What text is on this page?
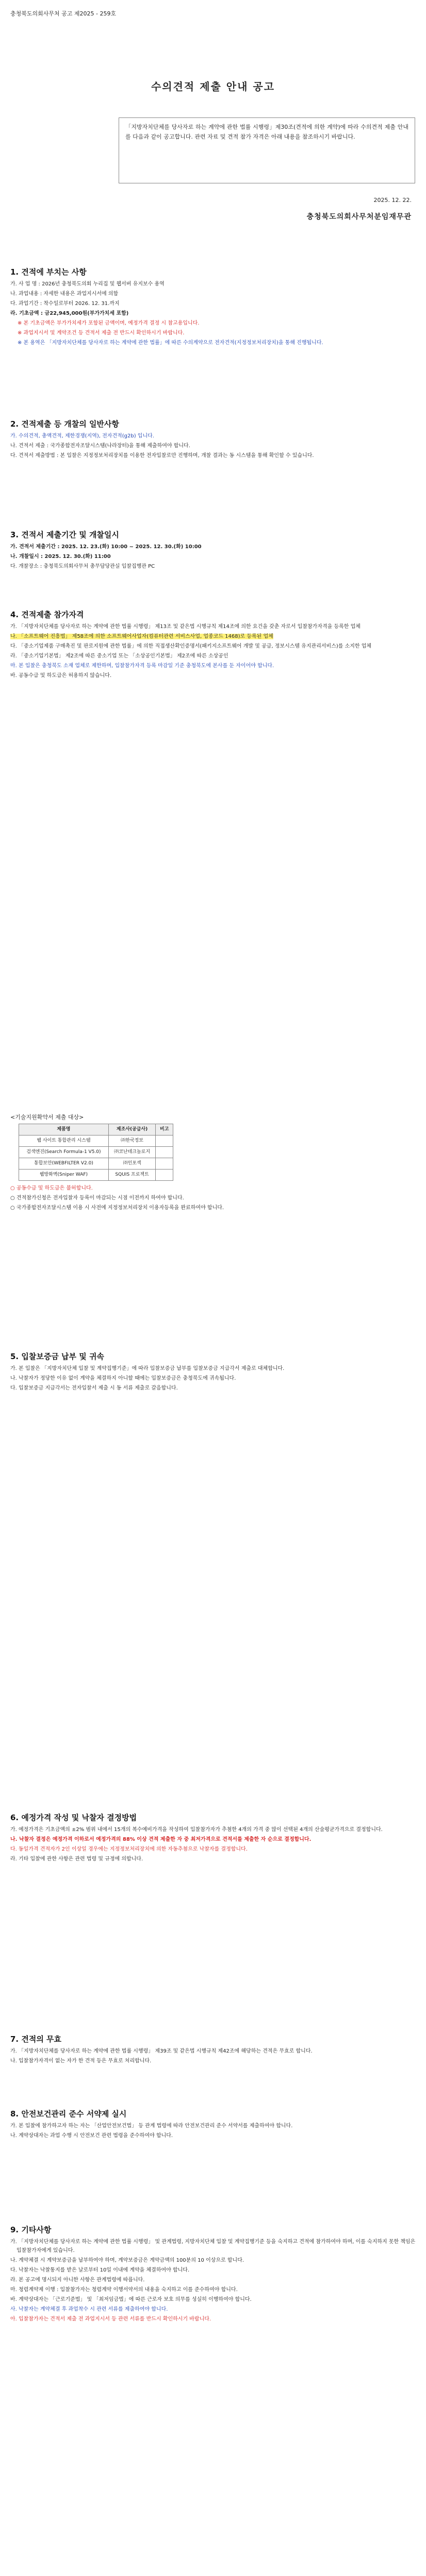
충청북도의회사무처 공고 제2025 - 259호
수의견적 제출 안내 공고
「지방자치단체를 당사자로 하는 계약에 관한 법률 시행령」제30조(견적에 의한 계약)에 따라 수의견적 제출 안내를 다음과 같이 공고합니다. 관련 자료 및 견적 참가 자격은 아래 내용을 참조하시기 바랍니다.
2025. 12. 22.
충청북도의회사무처분임재무관
1. 견적에 부치는 사항
가. 사 업 명 : 2026년 충청북도의회 누리집 및 웹서버 유지보수 용역
나. 과업내용 : 자세한 내용은 과업지시서에 의함
다. 과업기간 : 착수일로부터 2026. 12. 31.까지
라. 기초금액 : 금22,945,000원(부가가치세 포함)
※ 본 기초금액은 부가가치세가 포함된 금액이며, 예정가격 결정 시 참고용입니다.
※ 과업지시서 및 계약조건 등 견적서 제출 전 반드시 확인하시기 바랍니다.
※ 본 용역은 「지방자치단체를 당사자로 하는 계약에 관한 법률」에 따른 수의계약으로 전자견적(지정정보처리장치)을 통해 진행됩니다.
2. 견적제출 등 개찰의 일반사항
가. 수의견적, 총액견적, 제한경쟁(지역), 전자견적(g2b) 입니다.
나. 견적서 제출 : 국가종합전자조달시스템(나라장터)을 통해 제출하여야 합니다.
다. 견적서 제출방법 : 본 입찰은 지정정보처리장치를 이용한 전자입찰로만 진행하며, 개찰 결과는 동 시스템을 통해 확인할 수 있습니다.
3. 견적서 제출기간 및 개찰일시
가. 견적서 제출기간 : 2025. 12. 23.(화) 10:00 ~ 2025. 12. 30.(화) 10:00
나. 개찰일시 : 2025. 12. 30.(화) 11:00
다. 개찰장소 : 충청북도의회사무처 총무담당관실 입찰집행관 PC
4. 견적제출 참가자격
가. 「지방자치단체를 당사자로 하는 계약에 관한 법률 시행령」 제13조 및 같은법 시행규칙 제14조에 의한 요건을 갖춘 자로서 입찰참가자격을 등록한 업체
나. 「소프트웨어 진흥법」 제58조에 의한 소프트웨어사업자(컴퓨터관련 서비스사업, 업종코드 1468)로 등록된 업체
다. 「중소기업제품 구매촉진 및 판로지원에 관한 법률」에 의한 직접생산확인증명서(패키지소프트웨어 개발 및 공급, 정보시스템 유지관리서비스)를 소지한 업체
라. 「중소기업기본법」 제2조에 따른 중소기업 또는 「소상공인기본법」 제2조에 따른 소상공인
마. 본 입찰은 충청북도 소재 업체로 제한하며, 입찰참가자격 등록 마감일 기준 충청북도에 본사를 둔 자이어야 합니다.
바. 공동수급 및 하도급은 허용하지 않습니다.
<기술지원확약서 제출 대상>
제품명	제조사(공급사)	비고
웹 사이트 통합관리 시스템	㈜한국정보	
검색엔진(Search Formula-1 V5.0)	㈜코난테크놀로지	
통합보안(WEBFILTER V2.0)	㈜인포섹	
웹방화벽(Sniper WAF)	SQUIS 프로젝트	
○ 공동수급 및 하도급은 불허합니다.
○ 견적참가신청은 전자입찰자 등록이 마감되는 시점 이전까지 하여야 합니다.
○ 국가종합전자조달시스템 이용 시 사전에 지정정보처리장치 이용자등록을 완료하여야 합니다.
5. 입찰보증금 납부 및 귀속
가. 본 입찰은 「지방자치단체 입찰 및 계약집행기준」에 따라 입찰보증금 납부를 입찰보증금 지급각서 제출로 대체합니다.
나. 낙찰자가 정당한 이유 없이 계약을 체결하지 아니할 때에는 입찰보증금은 충청북도에 귀속됩니다.
다. 입찰보증금 지급각서는 전자입찰서 제출 시 동 서류 제출로 갈음합니다.
6. 예정가격 작성 및 낙찰자 결정방법
가. 예정가격은 기초금액의 ±2% 범위 내에서 15개의 복수예비가격을 작성하여 입찰참가자가 추첨한 4개의 가격 중 많이 선택된 4개의 산술평균가격으로 결정합니다.
나. 낙찰자 결정은 예정가격 이하로서 예정가격의 88% 이상 견적 제출한 자 중 최저가격으로 견적서를 제출한 자 순으로 결정합니다.
다. 동일가격 견적자가 2인 이상일 경우에는 지정정보처리장치에 의한 자동추첨으로 낙찰자를 결정합니다.
라. 기타 입찰에 관한 사항은 관련 법령 및 규정에 의합니다.
7. 견적의 무효
가. 「지방자치단체를 당사자로 하는 계약에 관한 법률 시행령」 제39조 및 같은법 시행규칙 제42조에 해당하는 견적은 무효로 합니다.
나. 입찰참가자격이 없는 자가 한 견적 등은 무효로 처리합니다.
8. 안전보건관리 준수 서약제 실시
가. 본 입찰에 참가하고자 하는 자는 「산업안전보건법」 등 관계 법령에 따라 안전보건관리 준수 서약서를 제출하여야 합니다.
나. 계약상대자는 과업 수행 시 안전보건 관련 법령을 준수하여야 합니다.
9. 기타사항
가. 「지방자치단체를 당사자로 하는 계약에 관한 법률 시행령」 및 관계법령, 지방자치단체 입찰 및 계약집행기준 등을 숙지하고 견적에 참가하여야 하며, 이를 숙지하지 못한 책임은 입찰참가자에게 있습니다.
나. 계약체결 시 계약보증금을 납부하여야 하며, 계약보증금은 계약금액의 100분의 10 이상으로 합니다.
다. 낙찰자는 낙찰통지를 받은 날로부터 10일 이내에 계약을 체결하여야 합니다.
라. 본 공고에 명시되지 아니한 사항은 관계법령에 따릅니다.
마. 청렴계약제 이행 : 입찰참가자는 청렴계약 이행서약서의 내용을 숙지하고 이를 준수하여야 합니다.
바. 계약상대자는 「근로기준법」 및 「최저임금법」에 따른 근로자 보호 의무를 성실히 이행하여야 합니다.
사. 낙찰자는 계약체결 후 과업착수 시 관련 서류를 제출하여야 합니다.
아. 입찰참가자는 견적서 제출 전 과업지시서 등 관련 서류를 반드시 확인하시기 바랍니다.
